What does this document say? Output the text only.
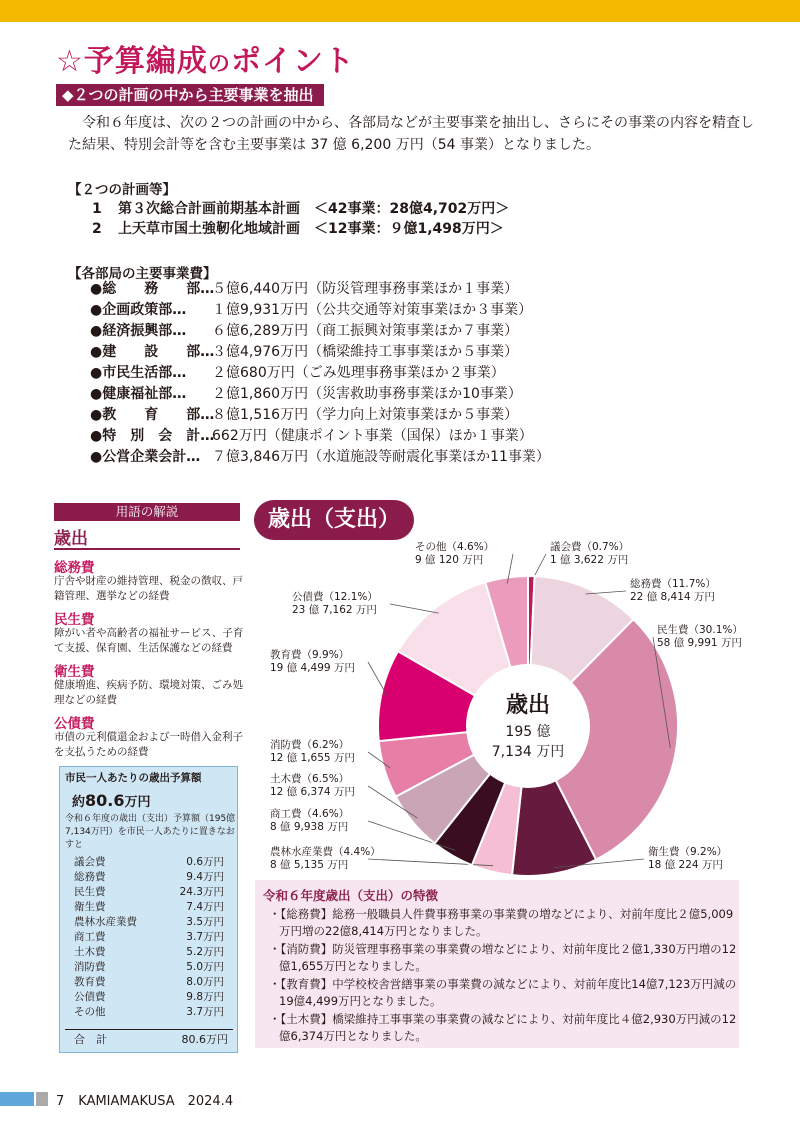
☆予算編成のポイント
◆２つの計画の中から主要事業を抽出

令和６年度は、次の２つの計画の中から、各部局などが主要事業を抽出し、さらにその事業の内容を精査した結果、特別会計等を含む主要事業は 37 億 6,200 万円（54 事業）となりました。

【２つの計画等】
1 第３次総合計画前期基本計画　＜42事業：28億4,702万円＞
2 上天草市国土強靭化地域計画　＜12事業：９億1,498万円＞
【各部局の主要事業費】
●総　　務　　部…５億6,440万円（防災管理事務事業ほか１事業）
●企画政策部… １億9,931万円（公共交通等対策事業ほか３事業）
●経済振興部… ６億6,289万円（商工振興対策事業ほか７事業）
●建　　設　　部…３億4,976万円（橋梁維持工事事業ほか５事業）
●市民生活部… ２億680万円（ごみ処理事務事業ほか２事業）
●健康福祉部… ２億1,860万円（災害救助事務事業ほか10事業）
●教　　育　　部…８億1,516万円（学力向上対策事業ほか５事業）
●特　別　会　計…662万円（健康ポイント事業（国保）ほか１事業）
●公営企業会計… ７億3,846万円（水道施設等耐震化事業ほか11事業）
用語の解説
歳出
総務費
庁舎や財産の維持管理、税金の徴収、戸籍管理、選挙などの経費
民生費
障がい者や高齢者の福祉サービス、子育て支援、保育園、生活保護などの経費
衛生費
健康増進、疾病予防、環境対策、ごみ処理などの経費
公債費
市債の元利償還金および一時借入金利子を支払うための経費
市民一人あたりの歳出予算額
約80.6万円
令和６年度の歳出（支出）予算額（195億7,134万円）を市民一人あたりに置きなおすと
議会費	0.6万円
総務費	9.4万円
民生費	24.3万円
衛生費	7.4万円
農林水産業費	3.5万円
商工費	3.7万円
土木費	5.2万円
消防費	5.0万円
教育費	8.0万円
公債費	9.8万円
その他	3.7万円
合　計	80.6万円
歳出（支出）
議会費（0.7%）
1 億 3,622 万円
総務費（11.7%）
22 億 8,414 万円
民生費（30.1%）
58 億 9,991 万円
衛生費（9.2%）
18 億 224 万円
農林水産業費（4.4%）
8 億 5,135 万円
商工費（4.6%）
8 億 9,938 万円
土木費（6.5%）
12 億 6,374 万円
消防費（6.2%）
12 億 1,655 万円
教育費（9.9%）
19 億 4,499 万円
公債費（12.1%）
23 億 7,162 万円
その他（4.6%）
9 億 120 万円
歳出
195 億
7,134 万円
令和６年度歳出（支出）の特徴
・【総務費】総務一般職員人件費事務事業の事業費の増などにより、対前年度比２億5,009万円増の22億8,414万円となりました。
・【消防費】防災管理事務事業の事業費の増などにより、対前年度比２億1,330万円増の12億1,655万円となりました。
・【教育費】中学校校舎営繕事業の事業費の減などにより、対前年度比14億7,123万円減の19億4,499万円となりました。
・【土木費】橋梁維持工事事業の事業費の減などにより、対前年度比４億2,930万円減の12億6,374万円となりました。
7 KAMIAMAKUSA　2024.4
